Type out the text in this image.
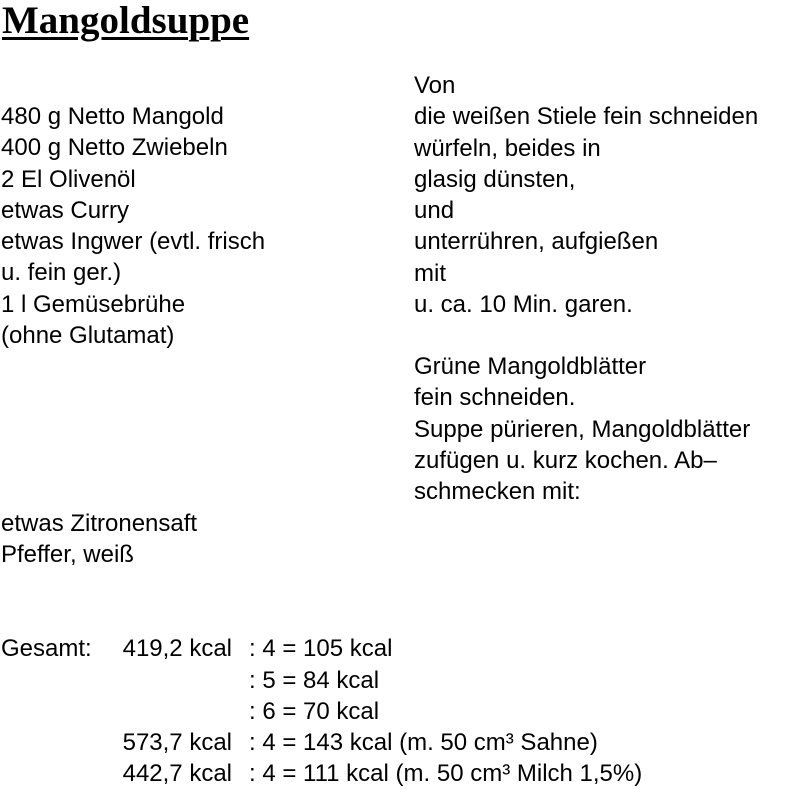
Mangoldsuppe
480 g Netto Mangold
400 g Netto Zwiebeln
2 El Olivenöl
etwas Curry
etwas Ingwer (evtl. frisch
u. fein ger.)
1 l Gemüsebrühe
(ohne Glutamat)
Von
die weißen Stiele fein schneiden
würfeln, beides in
glasig dünsten,
und
unterrühren, aufgießen
mit
u. ca. 10 Min. garen.
Grüne Mangoldblätter
fein schneiden.
Suppe pürieren, Mangoldblätter
zufügen u. kurz kochen. Ab–
schmecken mit:
etwas Zitronensaft
Pfeffer, weiß
Gesamt: 419,2 kcal : 4 = 105 kcal
: 5 = 84 kcal
: 6 = 70 kcal
573,7 kcal : 4 = 143 kcal (m. 50 cm³ Sahne)
442,7 kcal : 4 = 111 kcal (m. 50 cm³ Milch 1,5%)
